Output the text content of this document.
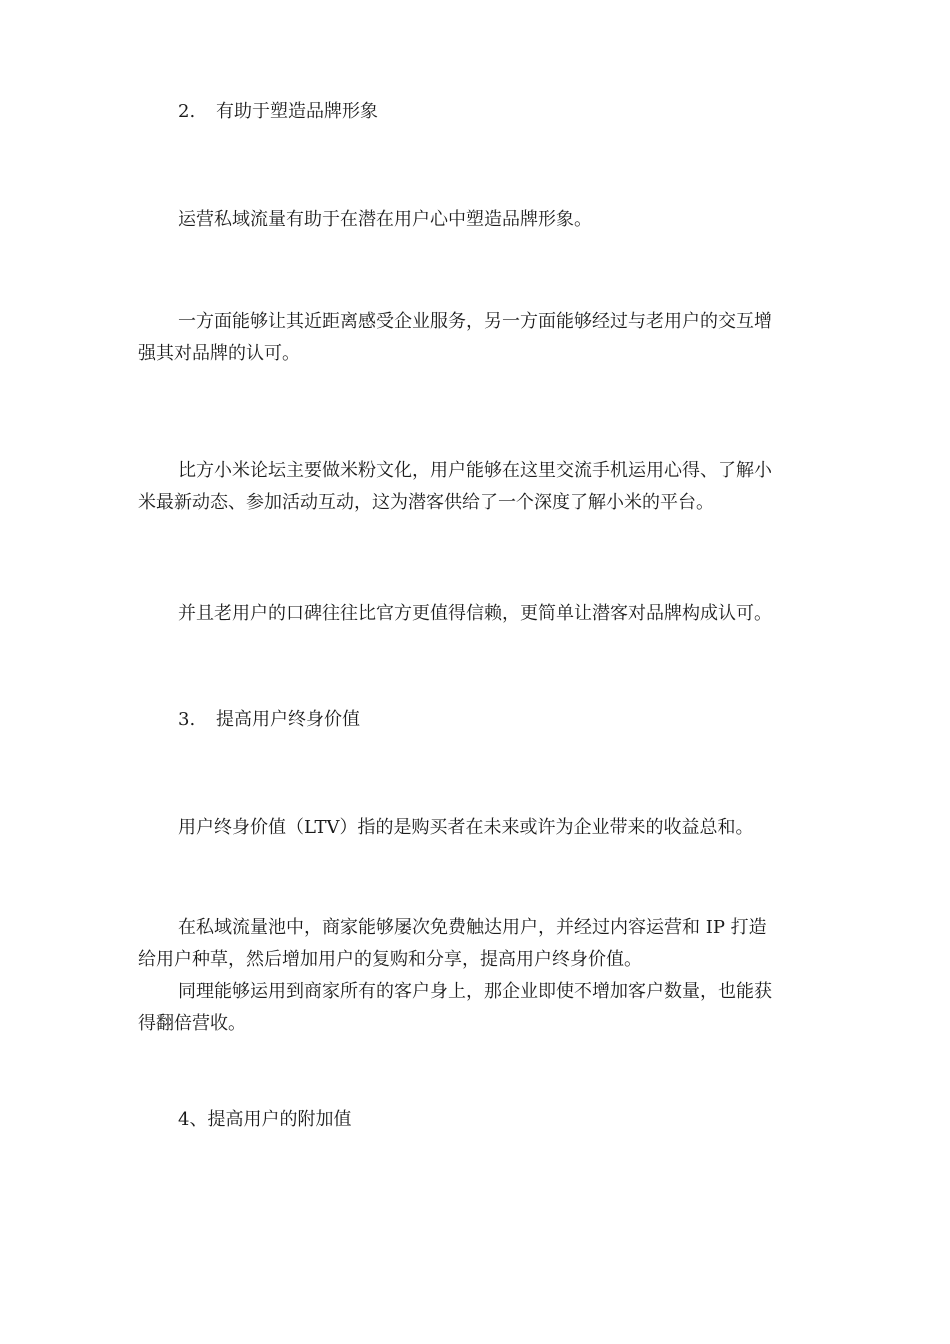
2. 有助于塑造品牌形象
运营私域流量有助于在潜在用户心中塑造品牌形象。
一方面能够让其近距离感受企业服务，另一方面能够经过与老用户的交互增
强其对品牌的认可。
比方小米论坛主要做米粉文化，用户能够在这里交流手机运用心得、了解小
米最新动态、参加活动互动，这为潜客供给了一个深度了解小米的平台。
并且老用户的口碑往往比官方更值得信赖，更简单让潜客对品牌构成认可。
3. 提高用户终身价值
用户终身价值（LTV）指的是购买者在未来或许为企业带来的收益总和。
在私域流量池中，商家能够屡次免费触达用户，并经过内容运营和 IP 打造
给用户种草，然后增加用户的复购和分享，提高用户终身价值。
同理能够运用到商家所有的客户身上，那企业即使不增加客户数量，也能获
得翻倍营收。
4、提高用户的附加值
